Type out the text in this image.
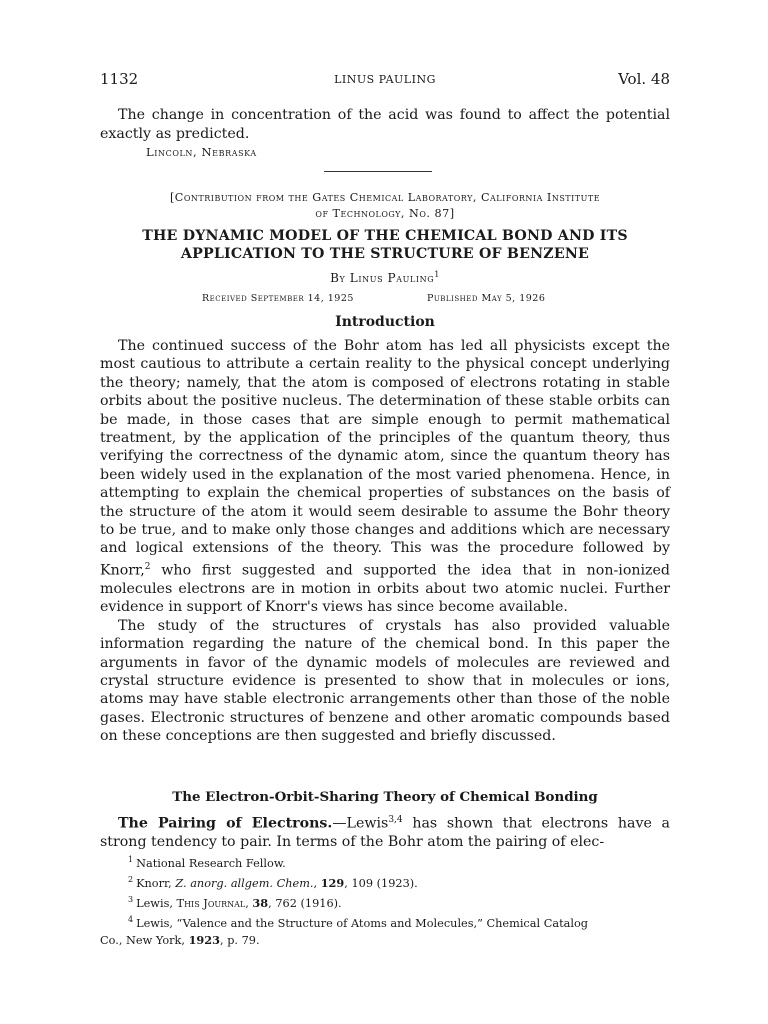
1132	LINUS PAULING	Vol. 48

The change in concentration of the acid was found to affect the potential exactly as predicted.

Lincoln, Nebraska

[Contribution from the Gates Chemical Laboratory, California Institute
of Technology, No. 87]
THE DYNAMIC MODEL OF THE CHEMICAL BOND AND ITS
APPLICATION TO THE STRUCTURE OF BENZENE
By Linus Pauling$^1$
Received September 14, 1925	Published May 5, 1926
Introduction

The continued success of the Bohr atom has led all physicists except the most cautious to attribute a certain reality to the physical concept underlying the theory; namely, that the atom is composed of electrons rotating in stable orbits about the positive nucleus. The determination of these stable orbits can be made, in those cases that are simple enough to permit mathematical treatment, by the application of the principles of the quantum theory, thus verifying the correctness of the dynamic atom, since the quantum theory has been widely used in the explanation of the most varied phenomena. Hence, in attempting to explain the chemical properties of substances on the basis of the structure of the atom it would seem desirable to assume the Bohr theory to be true, and to make only those changes and additions which are necessary and logical extensions of the theory. This was the procedure followed by Knorr,$^2$ who first suggested and supported the idea that in non-ionized molecules electrons are in motion in orbits about two atomic nuclei. Further evidence in support of Knorr's views has since become available.

The study of the structures of crystals has also provided valuable information regarding the nature of the chemical bond. In this paper the arguments in favor of the dynamic models of molecules are reviewed and crystal structure evidence is presented to show that in molecules or ions, atoms may have stable electronic arrangements other than those of the noble gases. Electronic structures of benzene and other aromatic compounds based on these conceptions are then suggested and briefly discussed.

The Electron-Orbit-Sharing Theory of Chemical Bonding

The Pairing of Electrons.—Lewis$^{3,4}$ has shown that electrons have a strong tendency to pair. In terms of the Bohr atom the pairing of elec-

$^1$ National Research Fellow.

$^2$ Knorr, Z. anorg. allgem. Chem., 129, 109 (1923).

$^3$ Lewis, This Journal, 38, 762 (1916).

$^4$ Lewis, “Valence and the Structure of Atoms and Molecules,” Chemical Catalog

Co., New York, 1923, p. 79.
